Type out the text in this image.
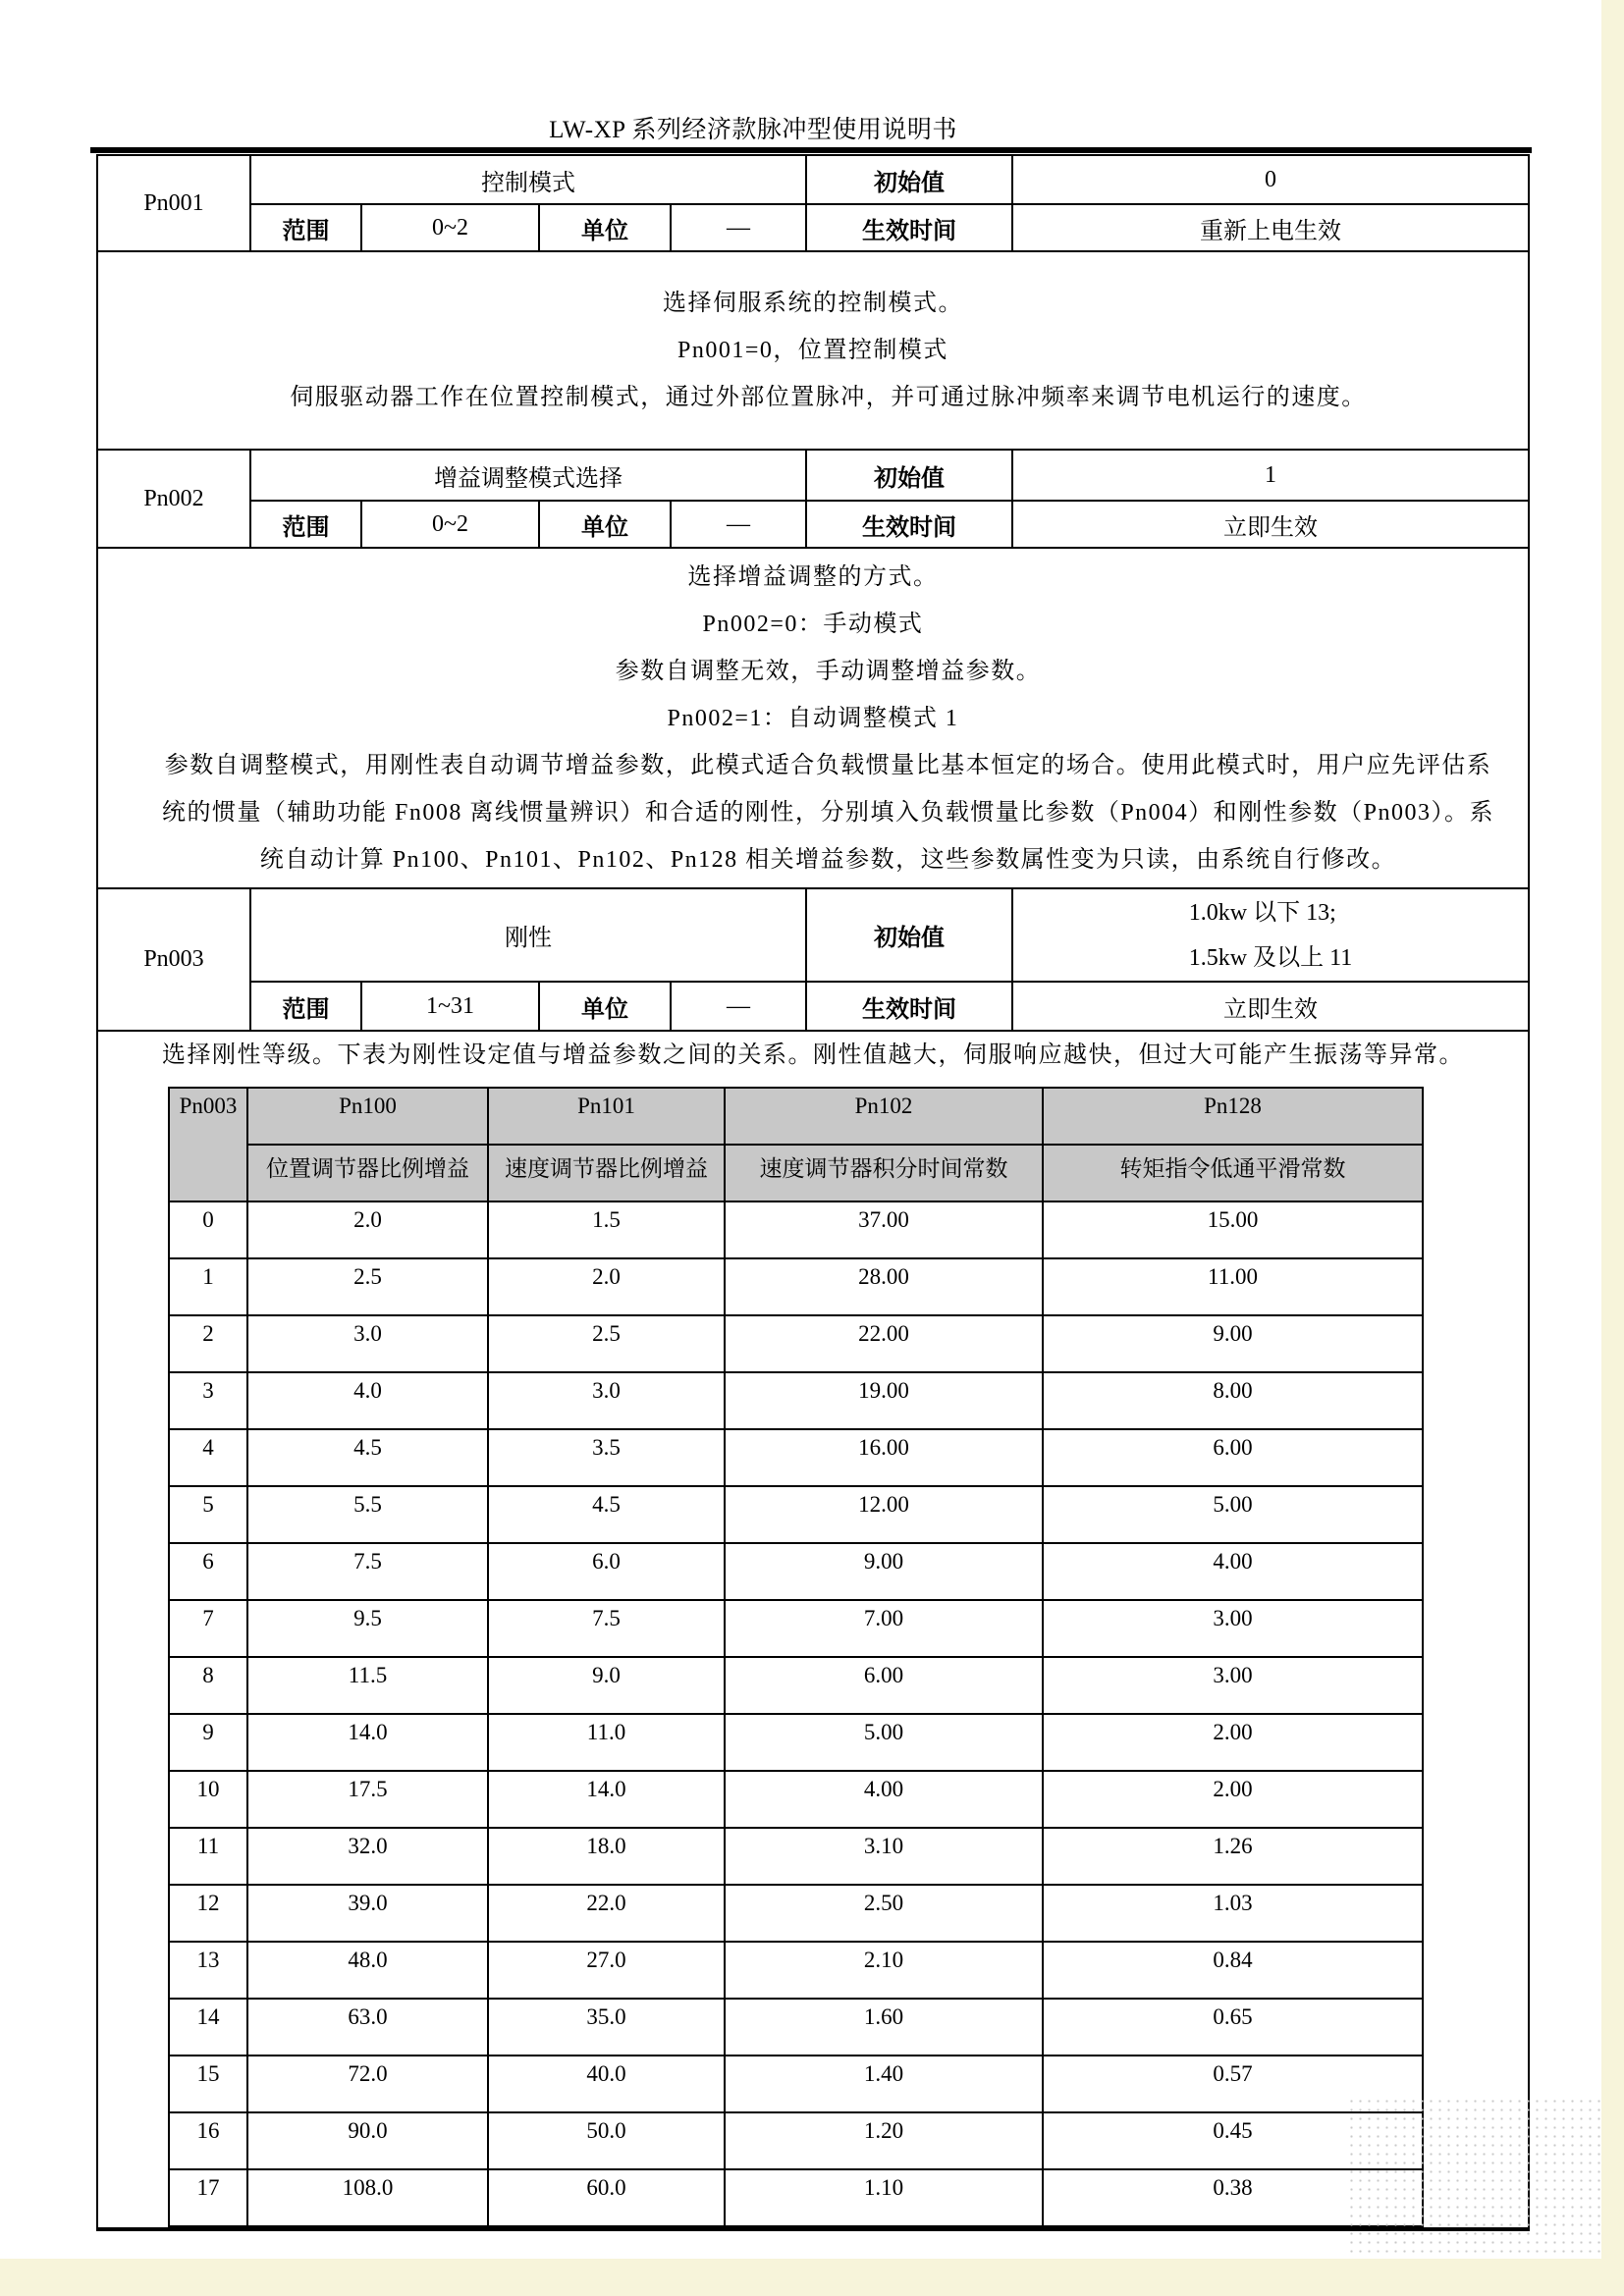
LW-XP 系列经济款脉冲型使用说明书
Pn001	控制模式	初始值	0
范围	0~2	单位	—	生效时间	重新上电生效

选择伺服系统的控制模式。
Pn001=0，位置控制模式
伺服驱动器工作在位置控制模式，通过外部位置脉冲，并可通过脉冲频率来调节电机运行的速度。

Pn002	增益调整模式选择	初始值	1
范围	0~2	单位	—	生效时间	立即生效

选择增益调整的方式。
Pn002=0：手动模式
参数自调整无效，手动调整增益参数。
Pn002=1：自动调整模式 1
参数自调整模式，用刚性表自动调节增益参数，此模式适合负载惯量比基本恒定的场合。使用此模式时，用户应先评估系
统的惯量（辅助功能 Fn008 离线惯量辨识）和合适的刚性，分别填入负载惯量比参数（Pn004）和刚性参数（Pn003）。系
统自动计算 Pn100、Pn101、Pn102、Pn128 相关增益参数，这些参数属性变为只读，由系统自行修改。

Pn003	刚性	初始值	
1.0kw 以下 13;
1.5kw 及以上 11

范围	1~31	单位	—	生效时间	立即生效

选择刚性等级。下表为刚性设定值与增益参数之间的关系。刚性值越大，伺服响应越快，但过大可能产生振荡等异常。
Pn003	Pn100	Pn101	Pn102	Pn128
位置调节器比例增益	速度调节器比例增益	速度调节器积分时间常数	转矩指令低通平滑常数
0	2.0	1.5	37.00	15.00
1	2.5	2.0	28.00	11.00
2	3.0	2.5	22.00	9.00
3	4.0	3.0	19.00	8.00
4	4.5	3.5	16.00	6.00
5	5.5	4.5	12.00	5.00
6	7.5	6.0	9.00	4.00
7	9.5	7.5	7.00	3.00
8	11.5	9.0	6.00	3.00
9	14.0	11.0	5.00	2.00
10	17.5	14.0	4.00	2.00
11	32.0	18.0	3.10	1.26
12	39.0	22.0	2.50	1.03
13	48.0	27.0	2.10	0.84
14	63.0	35.0	1.60	0.65
15	72.0	40.0	1.40	0.57
16	90.0	50.0	1.20	0.45
17	108.0	60.0	1.10	0.38
